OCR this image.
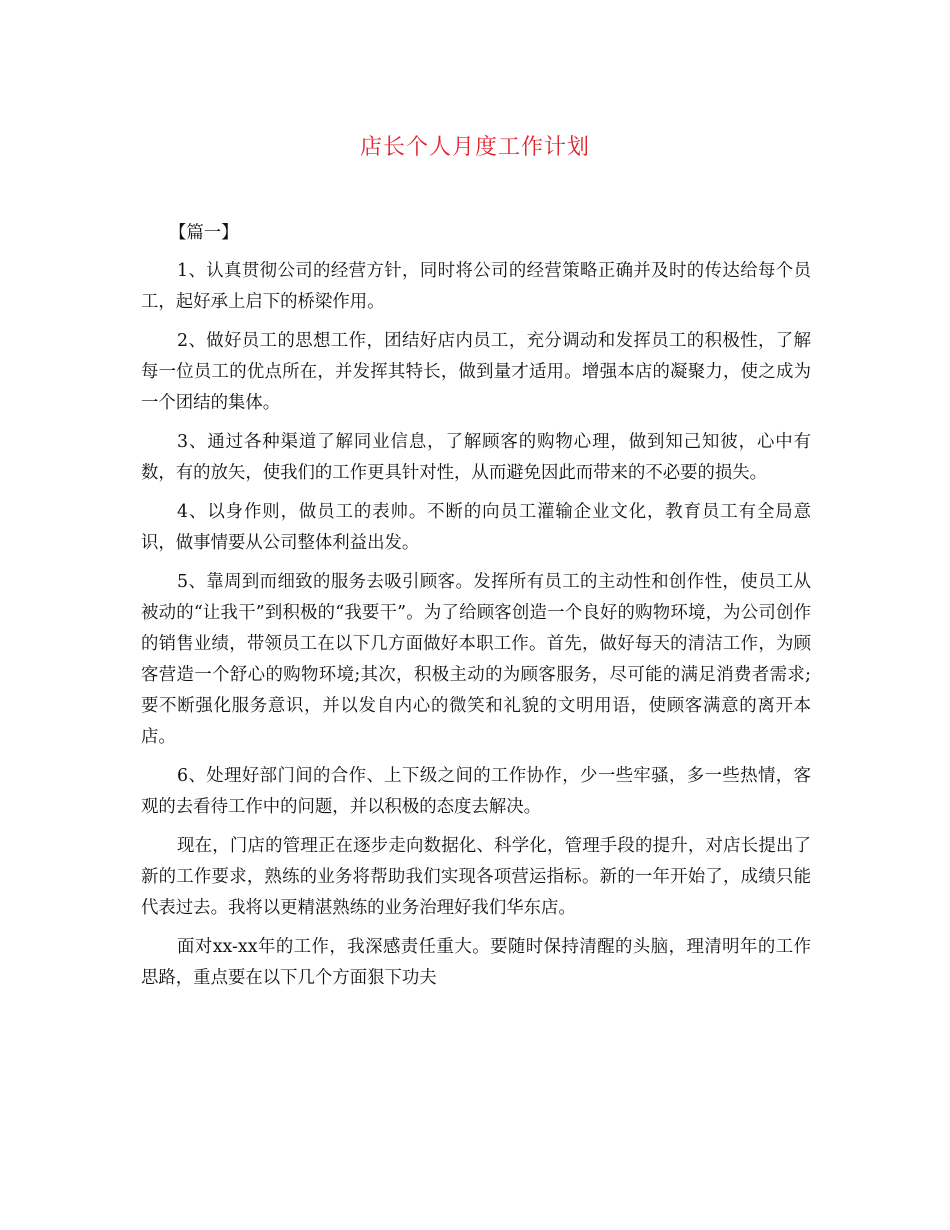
店长个人月度工作计划
【篇一】

1、认真贯彻公司的经营方针，同时将公司的经营策略正确并及时的传达给每个员工，起好承上启下的桥梁作用。

2、做好员工的思想工作，团结好店内员工，充分调动和发挥员工的积极性，了解每一位员工的优点所在，并发挥其特长，做到量才适用。增强本店的凝聚力，使之成为一个团结的集体。

3、通过各种渠道了解同业信息，了解顾客的购物心理，做到知己知彼，心中有数，有的放矢，使我们的工作更具针对性，从而避免因此而带来的不必要的损失。

4、以身作则，做员工的表帅。不断的向员工灌输企业文化，教育员工有全局意识，做事情要从公司整体利益出发。

5、靠周到而细致的服务去吸引顾客。发挥所有员工的主动性和创作性，使员工从被动的“让我干”到积极的“我要干”。为了给顾客创造一个良好的购物环境，为公司创作的销售业绩，带领员工在以下几方面做好本职工作。首先，做好每天的清洁工作，为顾客营造一个舒心的购物环境;其次，积极主动的为顾客服务，尽可能的满足消费者需求;要不断强化服务意识，并以发自内心的微笑和礼貌的文明用语，使顾客满意的离开本店。

6、处理好部门间的合作、上下级之间的工作协作，少一些牢骚，多一些热情，客观的去看待工作中的问题，并以积极的态度去解决。

现在，门店的管理正在逐步走向数据化、科学化，管理手段的提升，对店长提出了新的工作要求，熟练的业务将帮助我们实现各项营运指标。新的一年开始了，成绩只能代表过去。我将以更精湛熟练的业务治理好我们华东店。

面对xx-xx年的工作，我深感责任重大。要随时保持清醒的头脑，理清明年的工作思路，重点要在以下几个方面狠下功夫
